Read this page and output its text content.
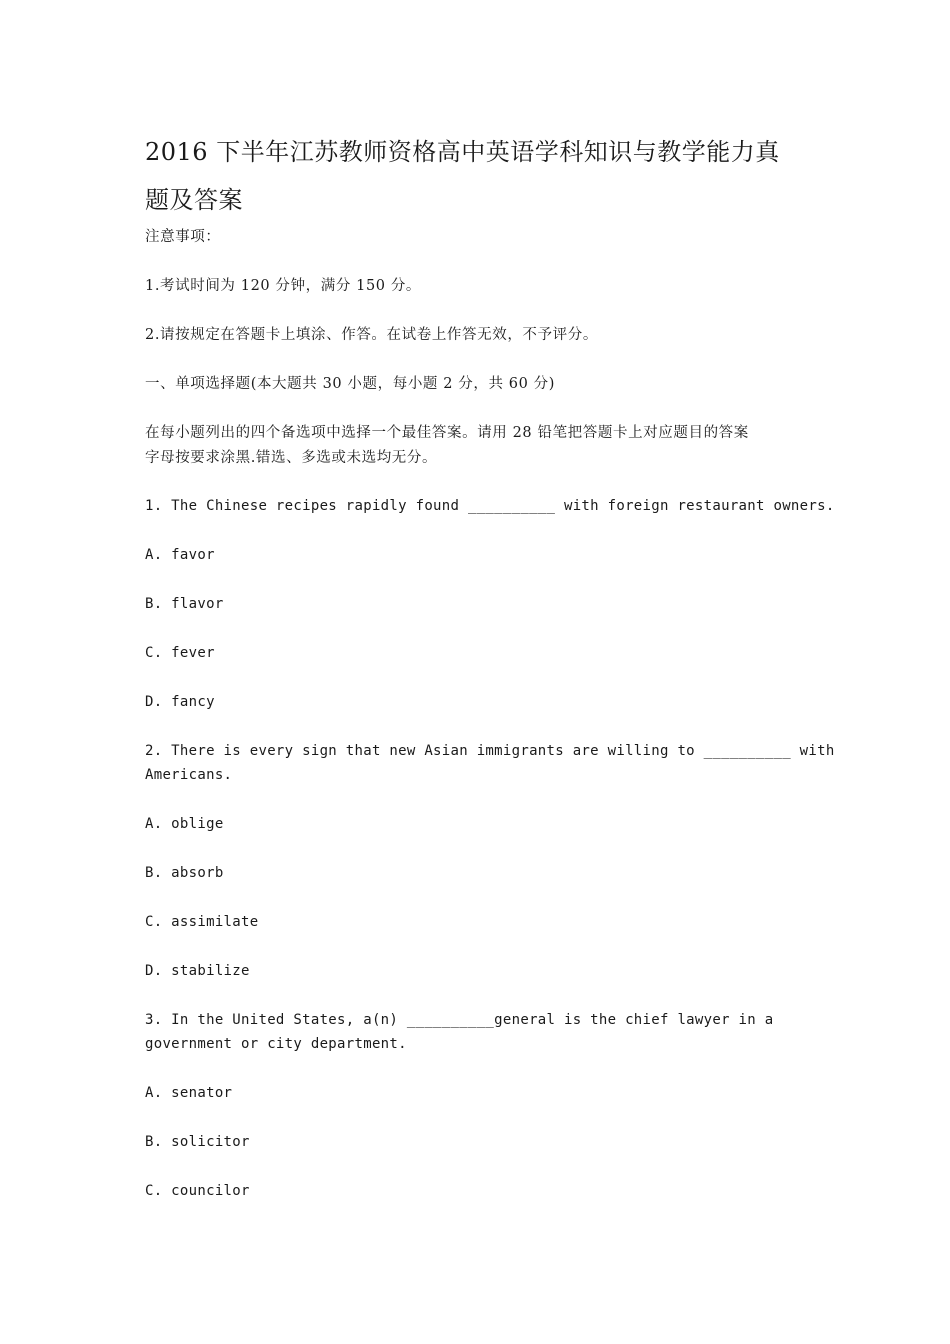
2016 下半年江苏教师资格高中英语学科知识与教学能力真
题及答案
注意事项：
1.考试时间为 120 分钟，满分 150 分。
2.请按规定在答题卡上填涂、作答。在试卷上作答无效，不予评分。
一、单项选择题(本大题共 30 小题，每小题 2 分，共 60 分)
在每小题列出的四个备选项中选择一个最佳答案。请用 28 铅笔把答题卡上对应题目的答案
字母按要求涂黑.错选、多选或未选均无分。
1. The Chinese recipes rapidly found __________ with foreign restaurant owners.
A. favor
B. flavor
C. fever
D. fancy
2. There is every sign that new Asian immigrants are willing to __________ with
Americans.
A. oblige
B. absorb
C. assimilate
D. stabilize
3. In the United States, a(n) __________general is the chief lawyer in a
government or city department.
A. senator
B. solicitor
C. councilor
